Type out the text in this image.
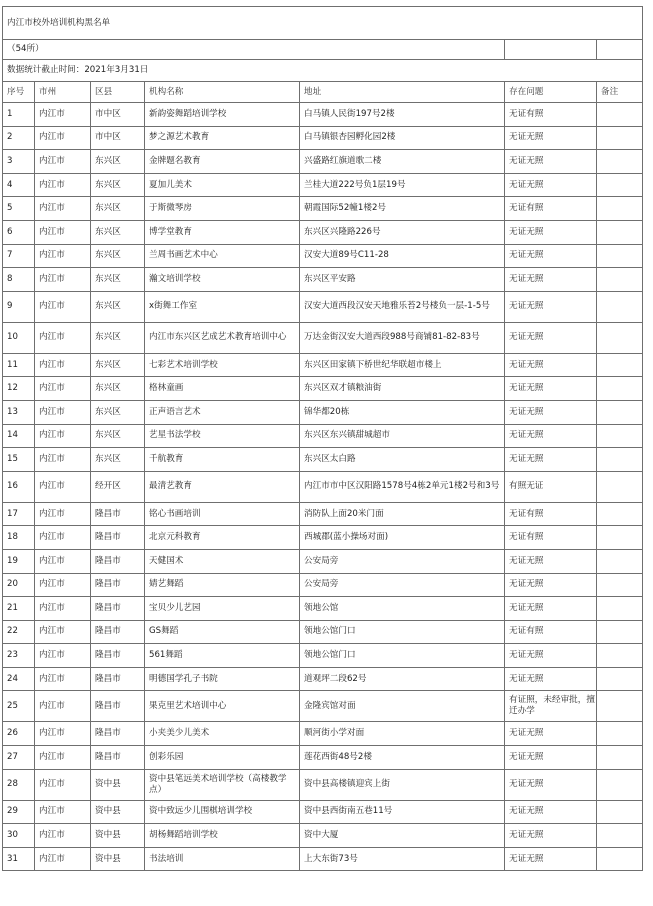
内江市校外培训机构黑名单						
（54所）						
数据统计截止时间：2021年3月31日						
序号	市州	区县	机构名称	地址	存在问题	备注
1	内江市	市中区	新韵姿舞蹈培训学校	白马镇人民街197号2楼	无证有照	
2	内江市	市中区	梦之源艺术教育	白马镇银杏园孵化园2楼	无证无照	
3	内江市	东兴区	金牌题名教育	兴盛路红旗道歌二楼	无证无照	
4	内江市	东兴区	夏加儿美术	兰桂大道222号负1层19号	无证无照	
5	内江市	东兴区	于斯微琴房	朝霞国际52幢1楼2号	无证有照	
6	内江市	东兴区	博学堂教育	东兴区兴隆路226号	无证无照	
7	内江市	东兴区	兰周书画艺术中心	汉安大道89号C11-28	无证无照	
8	内江市	东兴区	瀚文培训学校	东兴区平安路	无证无照	
9	内江市	东兴区	x街舞工作室	汉安大道西段汉安天地雅乐苔2号楼负一层-1-5号	无证无照	
10	内江市	东兴区	内江市东兴区艺成艺术教育培训中心	万达金街汉安大道西段988号商铺81-82-83号	无证无照	
11	内江市	东兴区	七彩艺术培训学校	东兴区田家镇下桥世纪华联超市楼上	无证无照	
12	内江市	东兴区	格林童画	东兴区双才镇粮油街	无证无照	
13	内江市	东兴区	正声语言艺术	锦华都20栋	无证无照	
14	内江市	东兴区	艺星书法学校	东兴区东兴镇甜城超市	无证无照	
15	内江市	东兴区	千航教育	东兴区太白路	无证无照	
16	内江市	经开区	最清艺教育	内江市市中区汉阳路1578号4栋2单元1楼2号和3号	有照无证	
17	内江市	隆昌市	铭心书画培训	消防队上面20米门面	无证有照	
18	内江市	隆昌市	北京元科教育	西城郡(蓝小操场对面)	无证有照	
19	内江市	隆昌市	天健国术	公安局旁	无证无照	
20	内江市	隆昌市	婧艺舞蹈	公安局旁	无证无照	
21	内江市	隆昌市	宝贝少儿艺园	领地公馆	无证无照	
22	内江市	隆昌市	GS舞蹈	领地公馆门口	无证有照	
23	内江市	隆昌市	561舞蹈	领地公馆门口	无证无照	
24	内江市	隆昌市	明德国学孔子书院	道观坪二段62号	无证无照	
25	内江市	隆昌市	果克里艺术培训中心	金隆宾馆对面	有证照，未经审批，擅迁办学	
26	内江市	隆昌市	小夹美少儿美术	顺河街小学对面	无证无照	
27	内江市	隆昌市	创彩乐园	莲花西街48号2楼	无证无照	
28	内江市	资中县	资中县笔远美术培训学校（高楼教学点）	资中县高楼镇迎宾上街	无证无照	
29	内江市	资中县	资中致远少儿围棋培训学校	资中县西街南五巷11号	无证无照	
30	内江市	资中县	胡杨舞蹈培训学校	资中大厦	无证无照	
31	内江市	资中县	书法培训	上大东街73号	无证无照	
